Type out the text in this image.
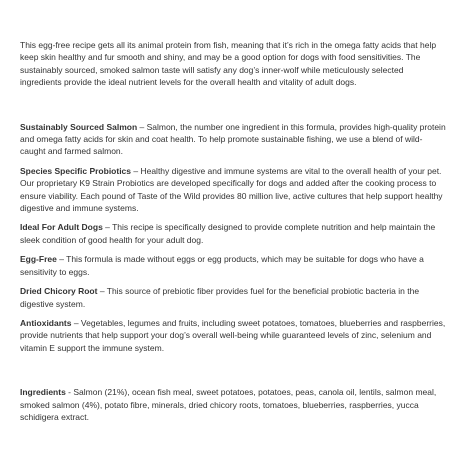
This egg-free recipe gets all its animal protein from fish, meaning that it’s rich in the omega fatty acids that help keep skin healthy and fur smooth and shiny, and may be a good option for dogs with food sensitivities. The sustainably sourced, smoked salmon taste will satisfy any dog’s inner-wolf while meticulously selected ingredients provide the ideal nutrient levels for the overall health and vitality of adult dogs.

Sustainably Sourced Salmon – Salmon, the number one ingredient in this formula, provides high-quality protein and omega fatty acids for skin and coat health. To help promote sustainable fishing, we use a blend of wild-caught and farmed salmon.

Species Specific Probiotics – Healthy digestive and immune systems are vital to the overall health of your pet. Our proprietary K9 Strain Probiotics are developed specifically for dogs and added after the cooking process to ensure viability. Each pound of Taste of the Wild provides 80 million live, active cultures that help support healthy digestive and immune systems.

Ideal For Adult Dogs – This recipe is specifically designed to provide complete nutrition and help maintain the sleek condition of good health for your adult dog.

Egg-Free – This formula is made without eggs or egg products, which may be suitable for dogs who have a sensitivity to eggs.

Dried Chicory Root – This source of prebiotic fiber provides fuel for the beneficial probiotic bacteria in the digestive system.

Antioxidants – Vegetables, legumes and fruits, including sweet potatoes, tomatoes, blueberries and raspberries, provide nutrients that help support your dog’s overall well-being while guaranteed levels of zinc, selenium and vitamin E support the immune system.

Ingredients - Salmon (21%), ocean fish meal, sweet potatoes, potatoes, peas, canola oil, lentils, salmon meal, smoked salmon (4%), potato fibre, minerals, dried chicory roots, tomatoes, blueberries, raspberries, yucca schidigera extract.
